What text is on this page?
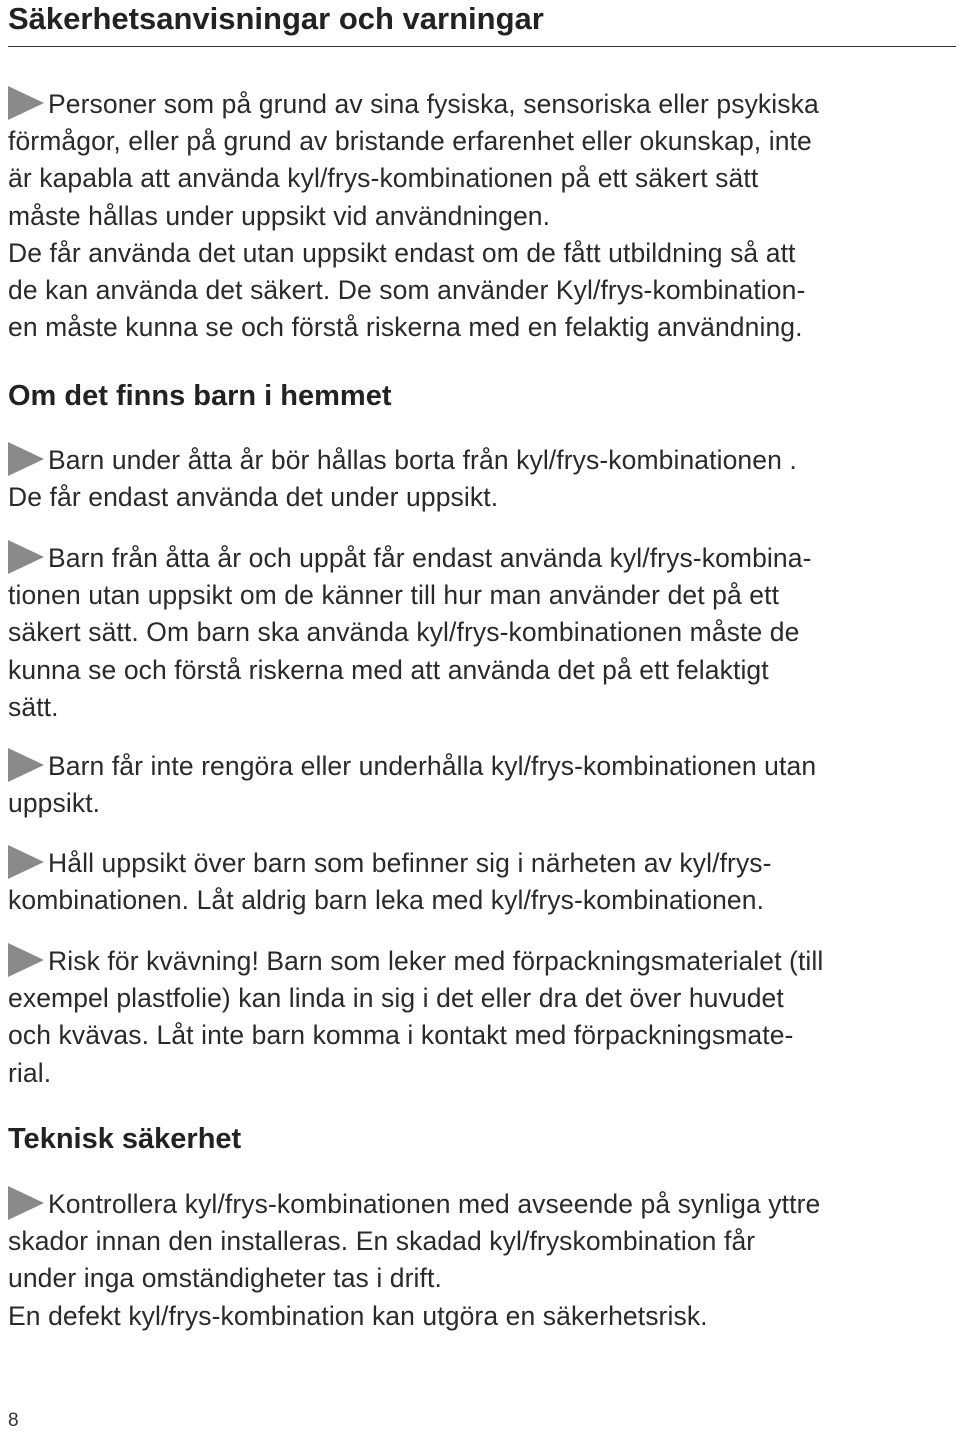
Säkerhetsanvisningar och varningar

Personer som på grund av sina fysiska, sensoriska eller psykiska
förmågor, eller på grund av bristande erfarenhet eller okunskap, inte
är kapabla att använda kyl/frys-kombinationen på ett säkert sätt
måste hållas under uppsikt vid användningen.
De får använda det utan uppsikt endast om de fått utbildning så att
de kan använda det säkert. De som använder Kyl/frys-kombination-
en måste kunna se och förstå riskerna med en felaktig användning.

Om det finns barn i hemmet

Barn under åtta år bör hållas borta från kyl/frys-kombinationen .
De får endast använda det under uppsikt.

Barn från åtta år och uppåt får endast använda kyl/frys-kombina-
tionen utan uppsikt om de känner till hur man använder det på ett
säkert sätt. Om barn ska använda kyl/frys-kombinationen måste de
kunna se och förstå riskerna med att använda det på ett felaktigt
sätt.

Barn får inte rengöra eller underhålla kyl/frys-kombinationen utan
uppsikt.

Håll uppsikt över barn som befinner sig i närheten av kyl/frys-
kombinationen. Låt aldrig barn leka med kyl/frys-kombinationen.

Risk för kvävning! Barn som leker med förpackningsmaterialet (till
exempel plastfolie) kan linda in sig i det eller dra det över huvudet
och kvävas. Låt inte barn komma i kontakt med förpackningsmate-
rial.

Teknisk säkerhet

Kontrollera kyl/frys-kombinationen med avseende på synliga yttre
skador innan den installeras. En skadad kyl/fryskombination får
under inga omständigheter tas i drift.
En defekt kyl/frys-kombination kan utgöra en säkerhetsrisk.

8
